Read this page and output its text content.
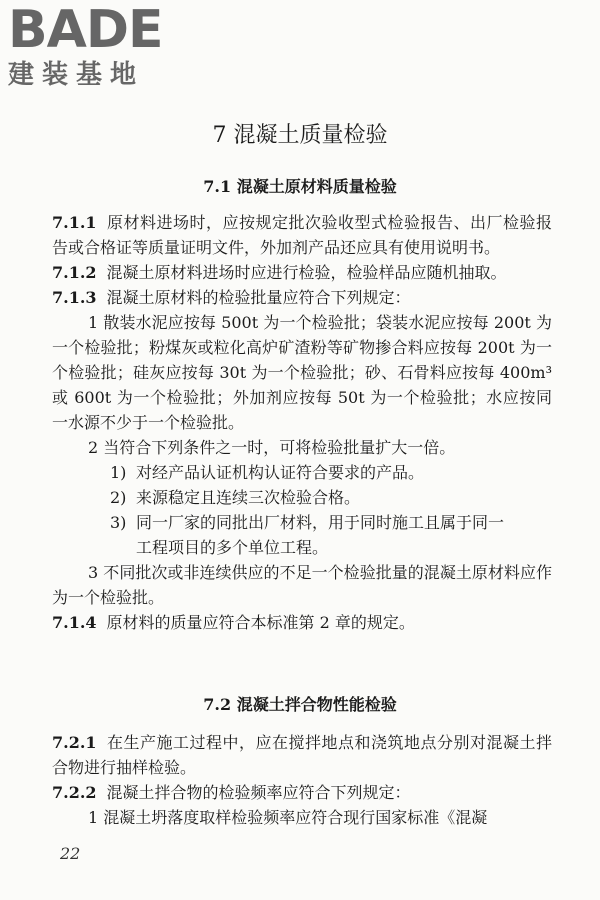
BADE
建装基地
7 混凝土质量检验
7.1 混凝土原材料质量检验

7.1.1 原材料进场时，应按规定批次验收型式检验报告、出厂检验报告或合格证等质量证明文件，外加剂产品还应具有使用说明书。

7.1.2 混凝土原材料进场时应进行检验，检验样品应随机抽取。

7.1.3 混凝土原材料的检验批量应符合下列规定：

1 散装水泥应按每 500t 为一个检验批；袋装水泥应按每 200t 为一个检验批；粉煤灰或粒化高炉矿渣粉等矿物掺合料应按每 200t 为一个检验批；硅灰应按每 30t 为一个检验批；砂、石骨料应按每 400m³ 或 600t 为一个检验批；外加剂应按每 50t 为一个检验批；水应按同一水源不少于一个检验批。

2 当符合下列条件之一时，可将检验批量扩大一倍。

1) 对经产品认证机构认证符合要求的产品。

2) 来源稳定且连续三次检验合格。

3) 同一厂家的同批出厂材料，用于同时施工且属于同一

工程项目的多个单位工程。

3 不同批次或非连续供应的不足一个检验批量的混凝土原材料应作为一个检验批。

7.1.4 原材料的质量应符合本标准第 2 章的规定。

7.2 混凝土拌合物性能检验

7.2.1 在生产施工过程中，应在搅拌地点和浇筑地点分别对混凝土拌合物进行抽样检验。

7.2.2 混凝土拌合物的检验频率应符合下列规定：

1 混凝土坍落度取样检验频率应符合现行国家标准《混凝

22
